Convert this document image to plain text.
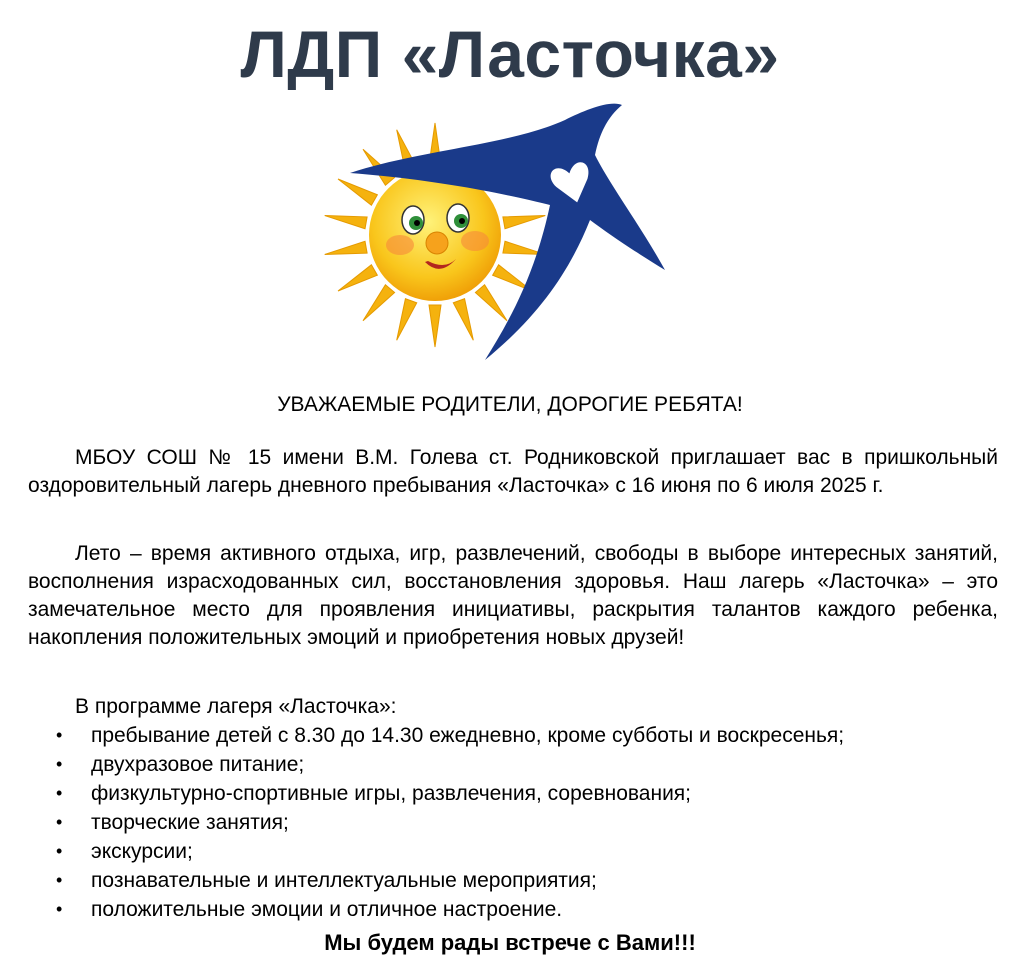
ЛДП «Ласточка»
УВАЖАЕМЫЕ РОДИТЕЛИ, ДОРОГИЕ РЕБЯТА!

МБОУ СОШ № 15 имени В.М. Голева ст. Родниковской приглашает вас в пришкольный оздоровительный лагерь дневного пребывания «Ласточка» с 16 июня по 6 июля 2025 г.

Лето – время активного отдыха, игр, развлечений, свободы в выборе интересных занятий, восполнения израсходованных сил, восстановления здоровья. Наш лагерь «Ласточка» – это замечательное место для проявления инициативы, раскрытия талантов каждого ребенка, накопления положительных эмоций и приобретения новых друзей!

В программе лагеря «Ласточка»:
• пребывание детей с 8.30 до 14.30 ежедневно, кроме субботы и воскресенья;
• двухразовое питание;
• физкультурно-спортивные игры, развлечения, соревнования;
• творческие занятия;
• экскурсии;
• познавательные и интеллектуальные мероприятия;
• положительные эмоции и отличное настроение.
Мы будем рады встрече с Вами!!!
